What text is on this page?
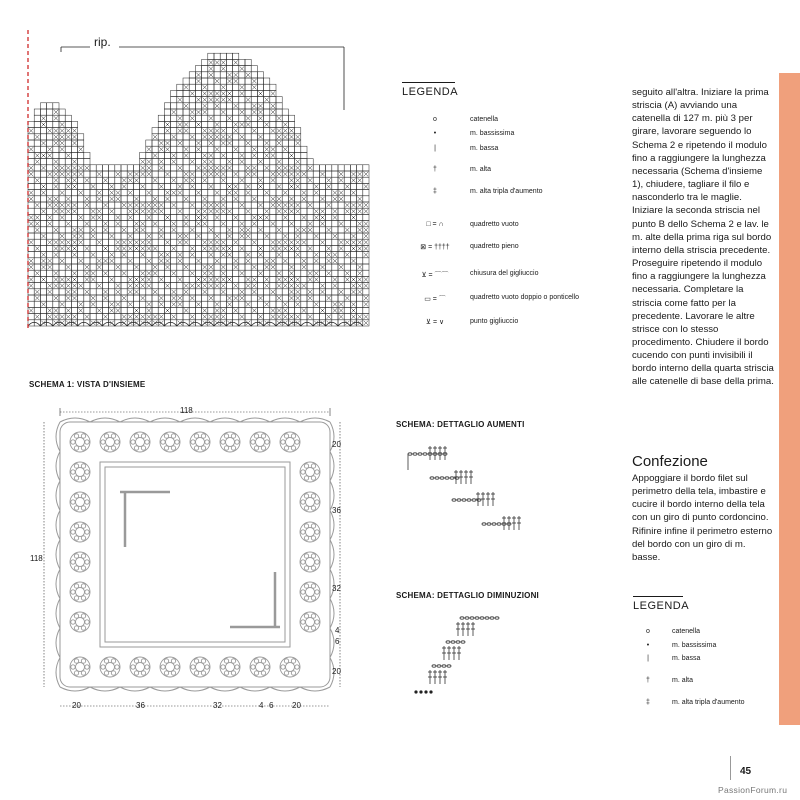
rip.
SCHEMA 1: VISTA D'INSIEME
118
118
20
36
32
4
6
20
20	36	32	4 6 20
LEGENDA
o	catenella
•	m. bassissima
|	m. bassa
†	m. alta
‡	m. alta tripla d'aumento
□ = ∩	quadretto vuoto
⊠ = ††††	quadretto pieno
⊻ = ⌒⌒	chiusura del gigliuccio
▭ = ⌒	quadretto vuoto doppio o ponticello
⊻ = ∨	punto gigliuccio
SCHEMA: DETTAGLIO AUMENTI
SCHEMA: DETTAGLIO DIMINUZIONI

seguito all'altra. Iniziare la prima striscia (A) avviando una catenella di 127 m. più 3 per girare, lavorare seguendo lo Schema 2 e ripetendo il modulo fino a raggiungere la lunghezza necessaria (Schema d'insieme 1), chiudere, tagliare il filo e nasconderlo tra le maglie. Iniziare la seconda striscia nel punto B dello Schema 2 e lav. le m. alte della prima riga sul bordo interno della striscia precedente.

Proseguire ripetendo il modulo fino a raggiungere la lunghezza necessaria. Completare la striscia come fatto per la precedente. Lavorare le altre strisce con lo stesso procedimento. Chiudere il bordo cucendo con punti invisibili il bordo interno della quarta striscia alle catenelle di base della prima.

Confezione

Appoggiare il bordo filet sul perimetro della tela, imbastire e cucire il bordo interno della tela con un giro di punto cordoncino.

Rifinire infine il perimetro esterno del bordo con un giro di m. basse.

LEGENDA
o	catenella
•	m. bassissima
|	m. bassa
†	m. alta
‡	m. alta tripla d'aumento
45
PassionForum.ru
